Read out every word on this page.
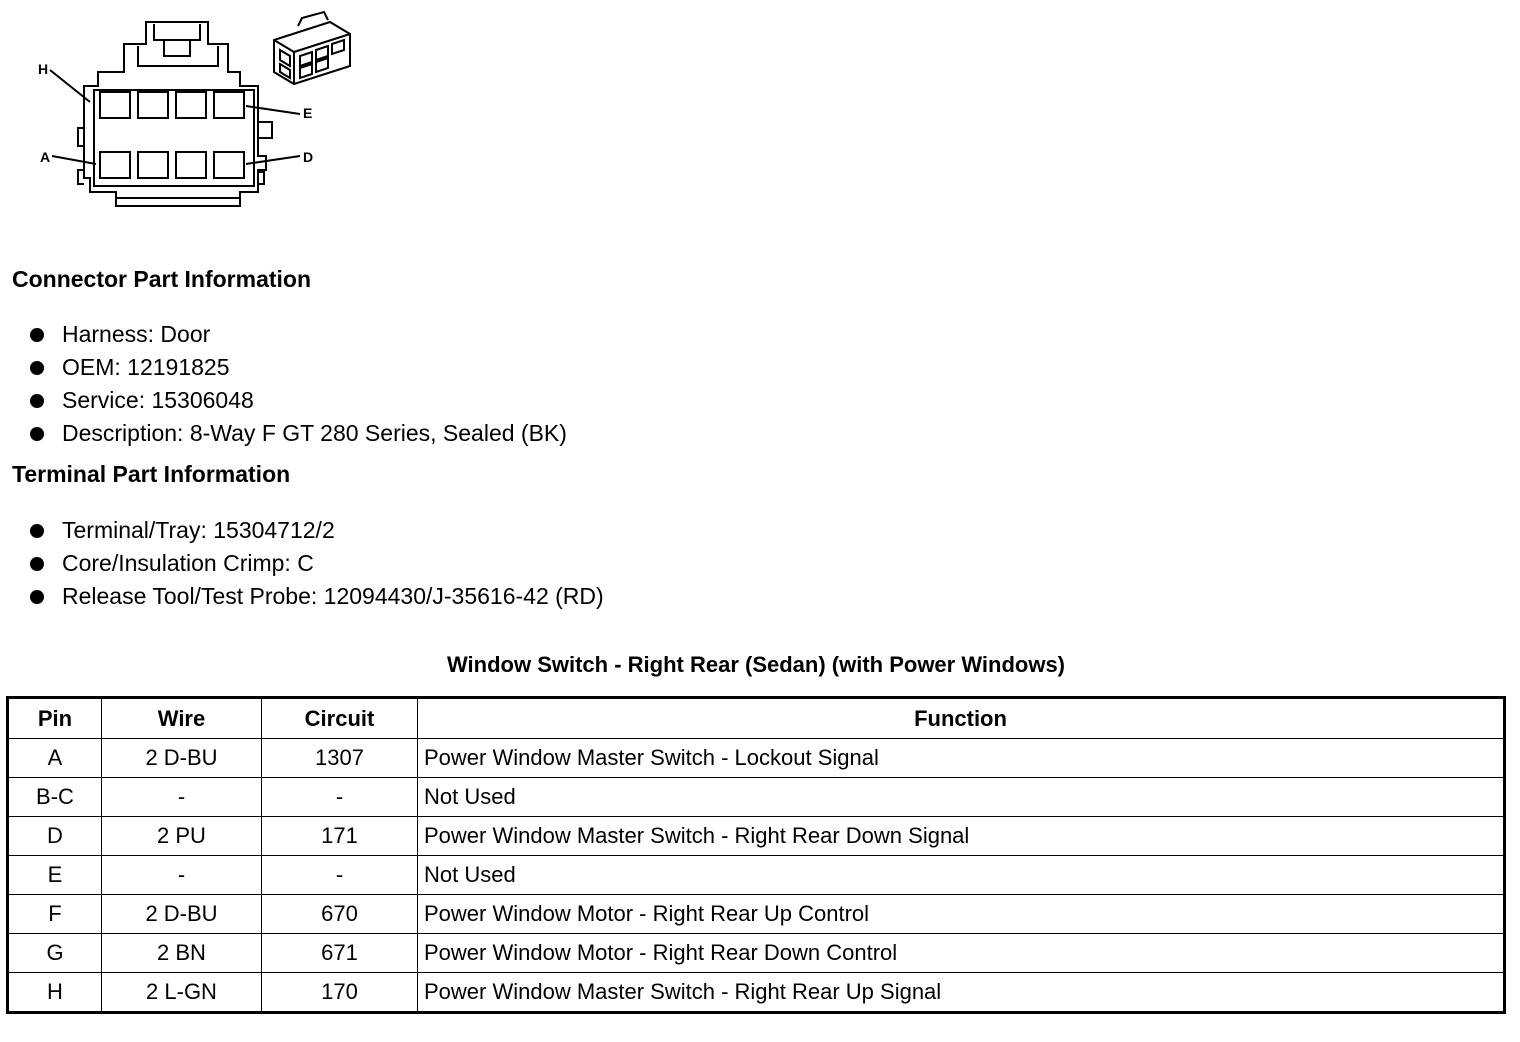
H
E
A	D
Connector Part Information
Harness: Door
OEM: 12191825
Service: 15306048
Description: 8-Way F GT 280 Series, Sealed (BK)
Terminal Part Information
Terminal/Tray: 15304712/2
Core/Insulation Crimp: C
Release Tool/Test Probe: 12094430/J-35616-42 (RD)
Window Switch - Right Rear (Sedan) (with Power Windows)
Pin	Wire	Circuit	Function
A	2 D-BU	1307	Power Window Master Switch - Lockout Signal
B-C	-	-	Not Used
D	2 PU	171	Power Window Master Switch - Right Rear Down Signal
E	-	-	Not Used
F	2 D-BU	670	Power Window Motor - Right Rear Up Control
G	2 BN	671	Power Window Motor - Right Rear Down Control
H	2 L-GN	170	Power Window Master Switch - Right Rear Up Signal
